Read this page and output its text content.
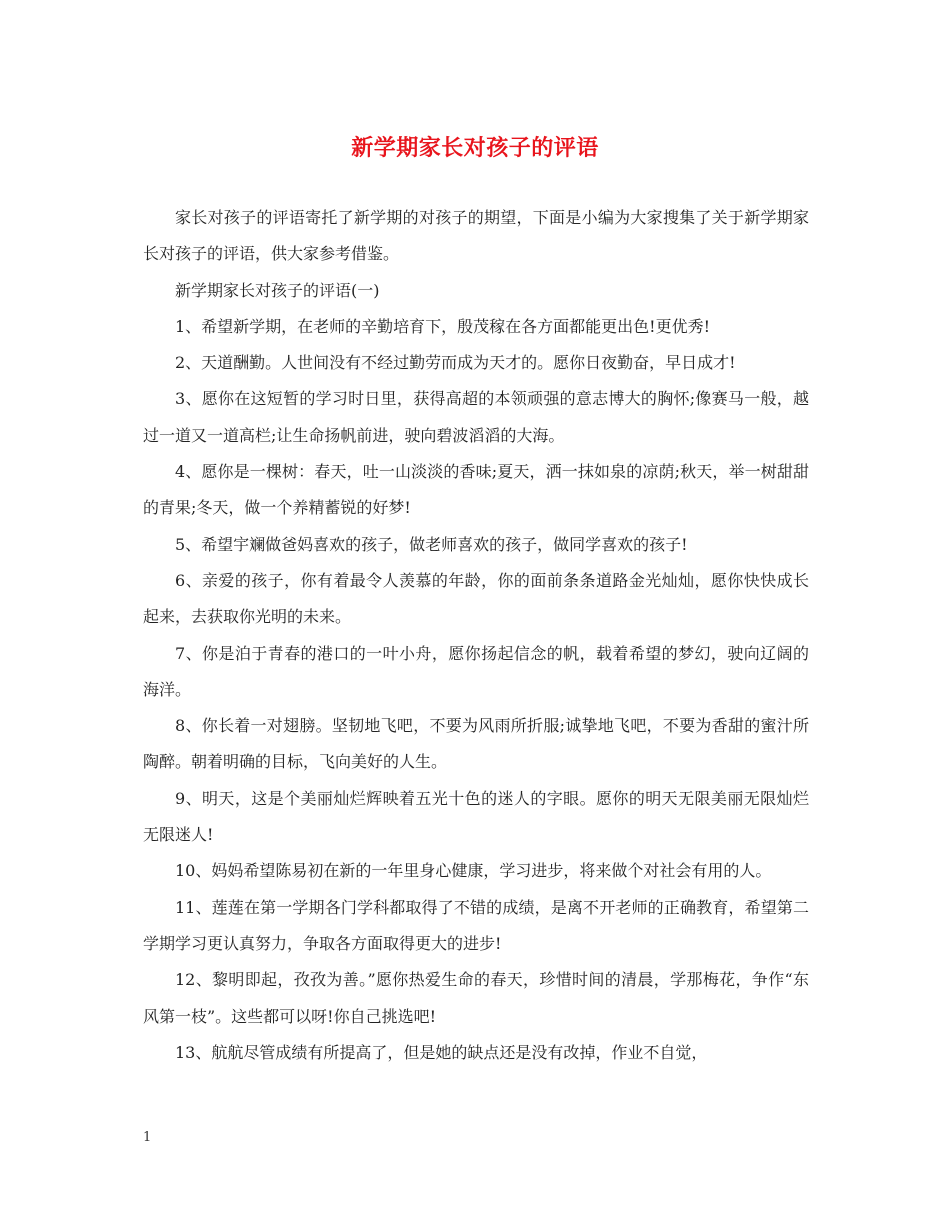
新学期家长对孩子的评语

家长对孩子的评语寄托了新学期的对孩子的期望，下面是小编为大家搜集了关于新学期家长对孩子的评语，供大家参考借鉴。

新学期家长对孩子的评语(一)

1、希望新学期，在老师的辛勤培育下，殷茂稼在各方面都能更出色!更优秀!

2、天道酬勤。人世间没有不经过勤劳而成为天才的。愿你日夜勤奋，早日成才!

3、愿你在这短暂的学习时日里，获得高超的本领顽强的意志博大的胸怀;像赛马一般，越过一道又一道高栏;让生命扬帆前进，驶向碧波滔滔的大海。

4、愿你是一棵树：春天，吐一山淡淡的香味;夏天，洒一抹如泉的凉荫;秋天，举一树甜甜的青果;冬天，做一个养精蓄锐的好梦!

5、希望宇斓做爸妈喜欢的孩子，做老师喜欢的孩子，做同学喜欢的孩子!

6、亲爱的孩子，你有着最令人羡慕的年龄，你的面前条条道路金光灿灿，愿你快快成长起来，去获取你光明的未来。

7、你是泊于青春的港口的一叶小舟，愿你扬起信念的帆，载着希望的梦幻，驶向辽阔的海洋。

8、你长着一对翅膀。坚韧地飞吧，不要为风雨所折服;诚挚地飞吧，不要为香甜的蜜汁所陶醉。朝着明确的目标，飞向美好的人生。

9、明天，这是个美丽灿烂辉映着五光十色的迷人的字眼。愿你的明天无限美丽无限灿烂无限迷人!

10、妈妈希望陈易初在新的一年里身心健康，学习进步，将来做个对社会有用的人。

11、莲莲在第一学期各门学科都取得了不错的成绩，是离不开老师的正确教育，希望第二学期学习更认真努力，争取各方面取得更大的进步!

12、黎明即起，孜孜为善。”愿你热爱生命的春天，珍惜时间的清晨，学那梅花，争作“东风第一枝”。这些都可以呀!你自己挑选吧!

13、航航尽管成绩有所提高了，但是她的缺点还是没有改掉，作业不自觉，

1
